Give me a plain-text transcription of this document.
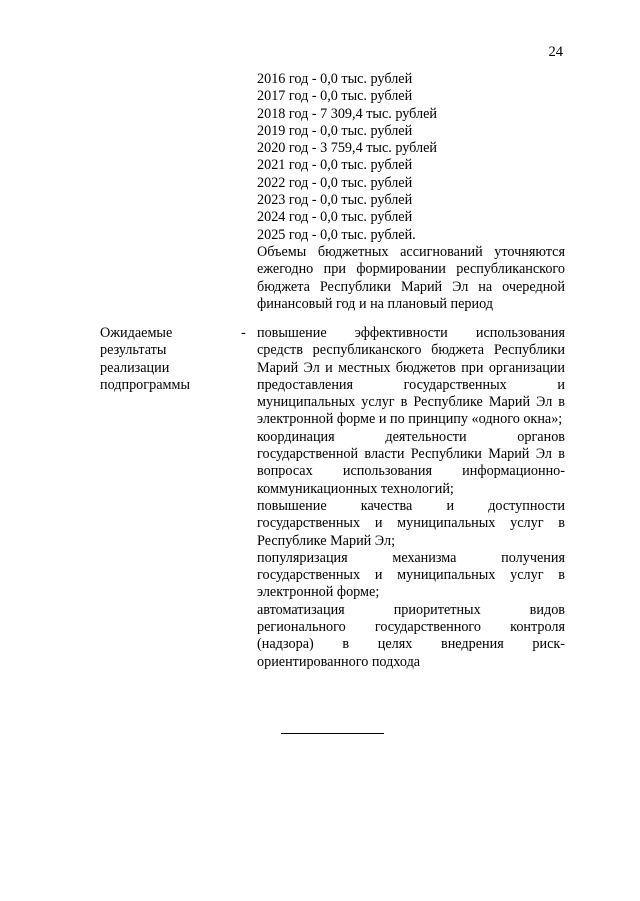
24
2016 год - 0,0 тыс. рублей
2017 год - 0,0 тыс. рублей
2018 год - 7 309,4 тыс. рублей
2019 год - 0,0 тыс. рублей
2020 год - 3 759,4 тыс. рублей
2021 год - 0,0 тыс. рублей
2022 год - 0,0 тыс. рублей
2023 год - 0,0 тыс. рублей
2024 год - 0,0 тыс. рублей
2025 год - 0,0 тыс. рублей.
Объемы бюджетных ассигнований уточняются ежегодно при формировании республиканского бюджета Республики Марий Эл на очередной финансовый год и на плановый период
Ожидаемые результаты реализации подпрограммы
- повышение эффективности использования средств республиканского бюджета Республики Марий Эл и местных бюджетов при организации предоставления государственных и муниципальных услуг в Республике Марий Эл в электронной форме и по принципу «одного окна»;
координация деятельности органов государственной власти Республики Марий Эл в вопросах использования информационно-коммуникационных технологий;
повышение качества и доступности государственных и муниципальных услуг в Республике Марий Эл;
популяризация механизма получения государственных и муниципальных услуг в электронной форме;
автоматизация приоритетных видов регионального государственного контроля (надзора) в целях внедрения риск-ориентированного подхода
